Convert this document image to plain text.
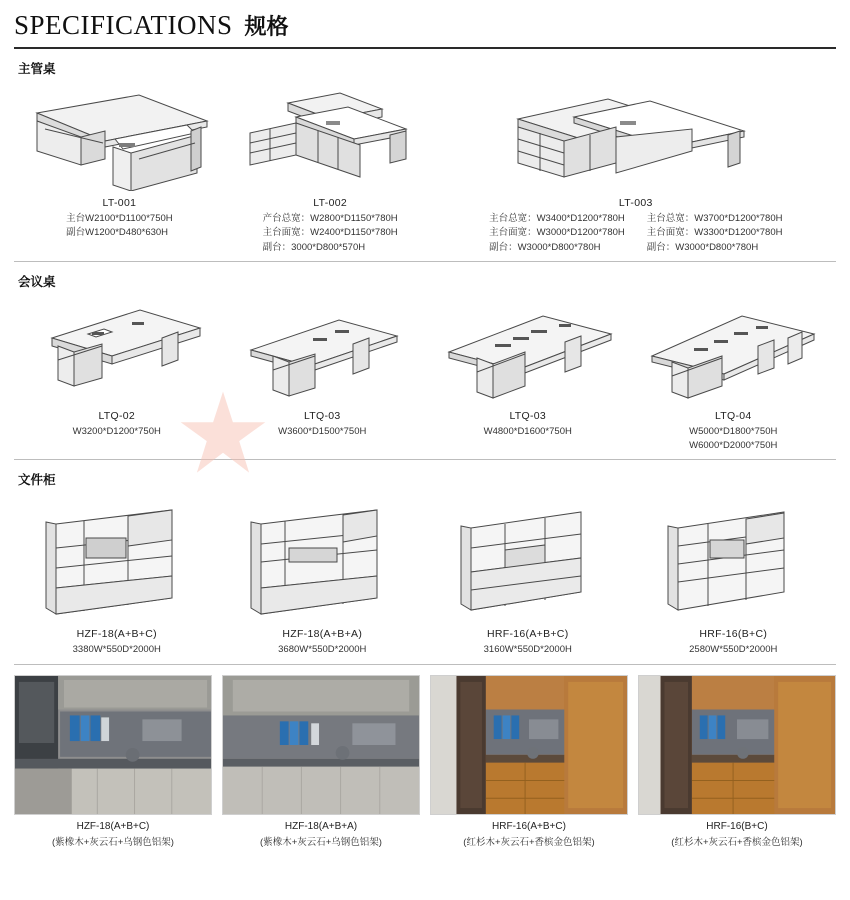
SPECIFICATIONS 规格
主管桌
LT-001
主台W2100*D1100*750H
副台W1200*D480*630H
LT-002
产台总宽：W2800*D1150*780H
主台面宽：W2400*D1150*780H
副台：3000*D800*570H
LT-003
主台总宽：W3400*D1200*780H
主台面宽：W3000*D1200*780H
副台：W3000*D800*780H
主台总宽：W3700*D1200*780H
主台面宽：W3300*D1200*780H
副台：W3000*D800*780H
会议桌
LTQ-02
W3200*D1200*750H
LTQ-03
W3600*D1500*750H
LTQ-03
W4800*D1600*750H
LTQ-04
W5000*D1800*750H
W6000*D2000*750H
文件柜
HZF-18(A+B+C)
3380W*550D*2000H
HZF-18(A+B+A)
3680W*550D*2000H
HRF-16(A+B+C)
3160W*550D*2000H
HRF-16(B+C)
2580W*550D*2000H
HZF-18(A+B+C)
(紫橡木+灰云石+乌钢色铝架)
HZF-18(A+B+A)
(紫橡木+灰云石+乌钢色铝架)
HRF-16(A+B+C)
(红杉木+灰云石+香槟金色铝架)
HRF-16(B+C)
(红杉木+灰云石+香槟金色铝架)
